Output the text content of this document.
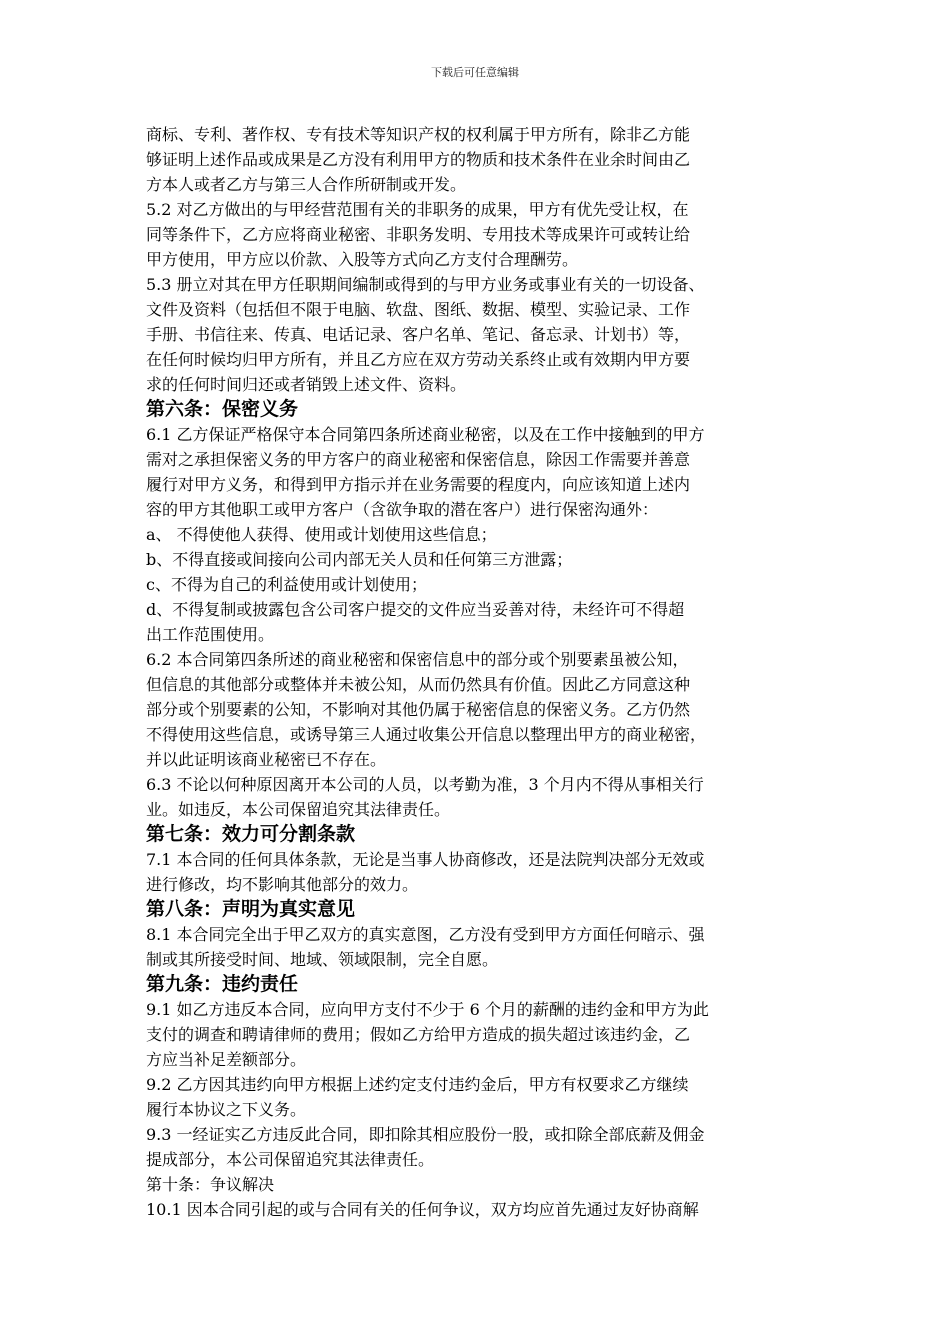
下载后可任意编辑
商标、专利、著作权、专有技术等知识产权的权利属于甲方所有，除非乙方能
够证明上述作品或成果是乙方没有利用甲方的物质和技术条件在业余时间由乙
方本人或者乙方与第三人合作所研制或开发。
5.2 对乙方做出的与甲经营范围有关的非职务的成果，甲方有优先受让权，在
同等条件下，乙方应将商业秘密、非职务发明、专用技术等成果许可或转让给
甲方使用，甲方应以价款、入股等方式向乙方支付合理酬劳。
5.3 册立对其在甲方任职期间编制或得到的与甲方业务或事业有关的一切设备、
文件及资料（包括但不限于电脑、软盘、图纸、数据、模型、实验记录、工作
手册、书信往来、传真、电话记录、客户名单、笔记、备忘录、计划书）等，
在任何时候均归甲方所有，并且乙方应在双方劳动关系终止或有效期内甲方要
求的任何时间归还或者销毁上述文件、资料。
第六条：保密义务
6.1 乙方保证严格保守本合同第四条所述商业秘密，以及在工作中接触到的甲方
需对之承担保密义务的甲方客户的商业秘密和保密信息，除因工作需要并善意
履行对甲方义务，和得到甲方指示并在业务需要的程度内，向应该知道上述内
容的甲方其他职工或甲方客户（含欲争取的潜在客户）进行保密沟通外：
a、 不得使他人获得、使用或计划使用这些信息；
b、不得直接或间接向公司内部无关人员和任何第三方泄露；
c、不得为自己的利益使用或计划使用；
d、不得复制或披露包含公司客户提交的文件应当妥善对待，未经许可不得超
出工作范围使用。
6.2 本合同第四条所述的商业秘密和保密信息中的部分或个别要素虽被公知，
但信息的其他部分或整体并未被公知，从而仍然具有价值。因此乙方同意这种
部分或个别要素的公知，不影响对其他仍属于秘密信息的保密义务。乙方仍然
不得使用这些信息，或诱导第三人通过收集公开信息以整理出甲方的商业秘密，
并以此证明该商业秘密已不存在。
6.3 不论以何种原因离开本公司的人员，以考勤为准，3 个月内不得从事相关行
业。如违反，本公司保留追究其法律责任。
第七条：效力可分割条款
7.1 本合同的任何具体条款，无论是当事人协商修改，还是法院判决部分无效或
进行修改，均不影响其他部分的效力。
第八条：声明为真实意见
8.1 本合同完全出于甲乙双方的真实意图，乙方没有受到甲方方面任何暗示、强
制或其所接受时间、地域、领域限制，完全自愿。
第九条：违约责任
9.1 如乙方违反本合同，应向甲方支付不少于 6 个月的薪酬的违约金和甲方为此
支付的调查和聘请律师的费用；假如乙方给甲方造成的损失超过该违约金，乙
方应当补足差额部分。
9.2 乙方因其违约向甲方根据上述约定支付违约金后，甲方有权要求乙方继续
履行本协议之下义务。
9.3 一经证实乙方违反此合同，即扣除其相应股份一股，或扣除全部底薪及佣金
提成部分，本公司保留追究其法律责任。
第十条：争议解决
10.1 因本合同引起的或与合同有关的任何争议，双方均应首先通过友好协商解
